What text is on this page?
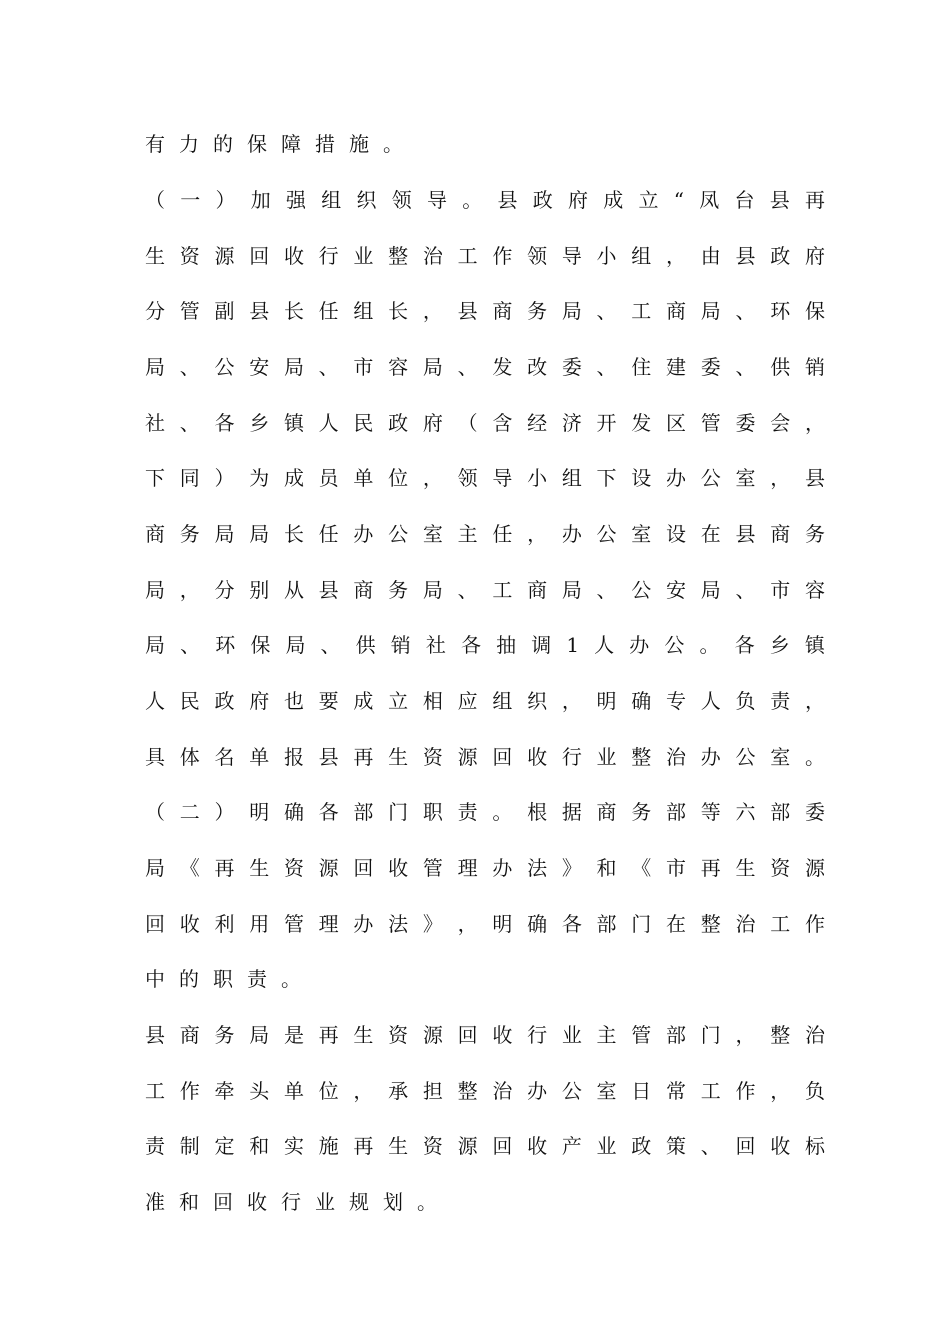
有力的保障措施。
（ 一 ） 加 强 组 织 领 导 。 县 政 府 成 立 “ 凤 台 县 再
生 资 源 回 收 行 业 整 治 工 作 领 导 小 组 ， 由 县 政 府
分 管 副 县 长 任 组 长 ， 县 商 务 局 、 工 商 局 、 环 保
局 、 公 安 局 、 市 容 局 、 发 改 委 、 住 建 委 、 供 销
社 、 各 乡 镇 人 民 政 府 （ 含 经 济 开 发 区 管 委 会 ，
下 同 ） 为 成 员 单 位 ， 领 导 小 组 下 设 办 公 室 ， 县
商 务 局 局 长 任 办 公 室 主 任 ， 办 公 室 设 在 县 商 务
局 ， 分 别 从 县 商 务 局 、 工 商 局 、 公 安 局 、 市 容
局 、 环 保 局 、 供 销 社 各 抽 调 1 人 办 公 。 各 乡 镇
人 民 政 府 也 要 成 立 相 应 组 织 ， 明 确 专 人 负 责 ，
具 体 名 单 报 县 再 生 资 源 回 收 行 业 整 治 办 公 室 。
（ 二 ） 明 确 各 部 门 职 责 。 根 据 商 务 部 等 六 部 委
局 《 再 生 资 源 回 收 管 理 办 法 》 和 《 市 再 生 资 源
回 收 利 用 管 理 办 法 》 ， 明 确 各 部 门 在 整 治 工 作
中的职责。
县 商 务 局 是 再 生 资 源 回 收 行 业 主 管 部 门 ， 整 治
工 作 牵 头 单 位 ， 承 担 整 治 办 公 室 日 常 工 作 ， 负
责 制 定 和 实 施 再 生 资 源 回 收 产 业 政 策 、 回 收 标
准和回收行业规划。
